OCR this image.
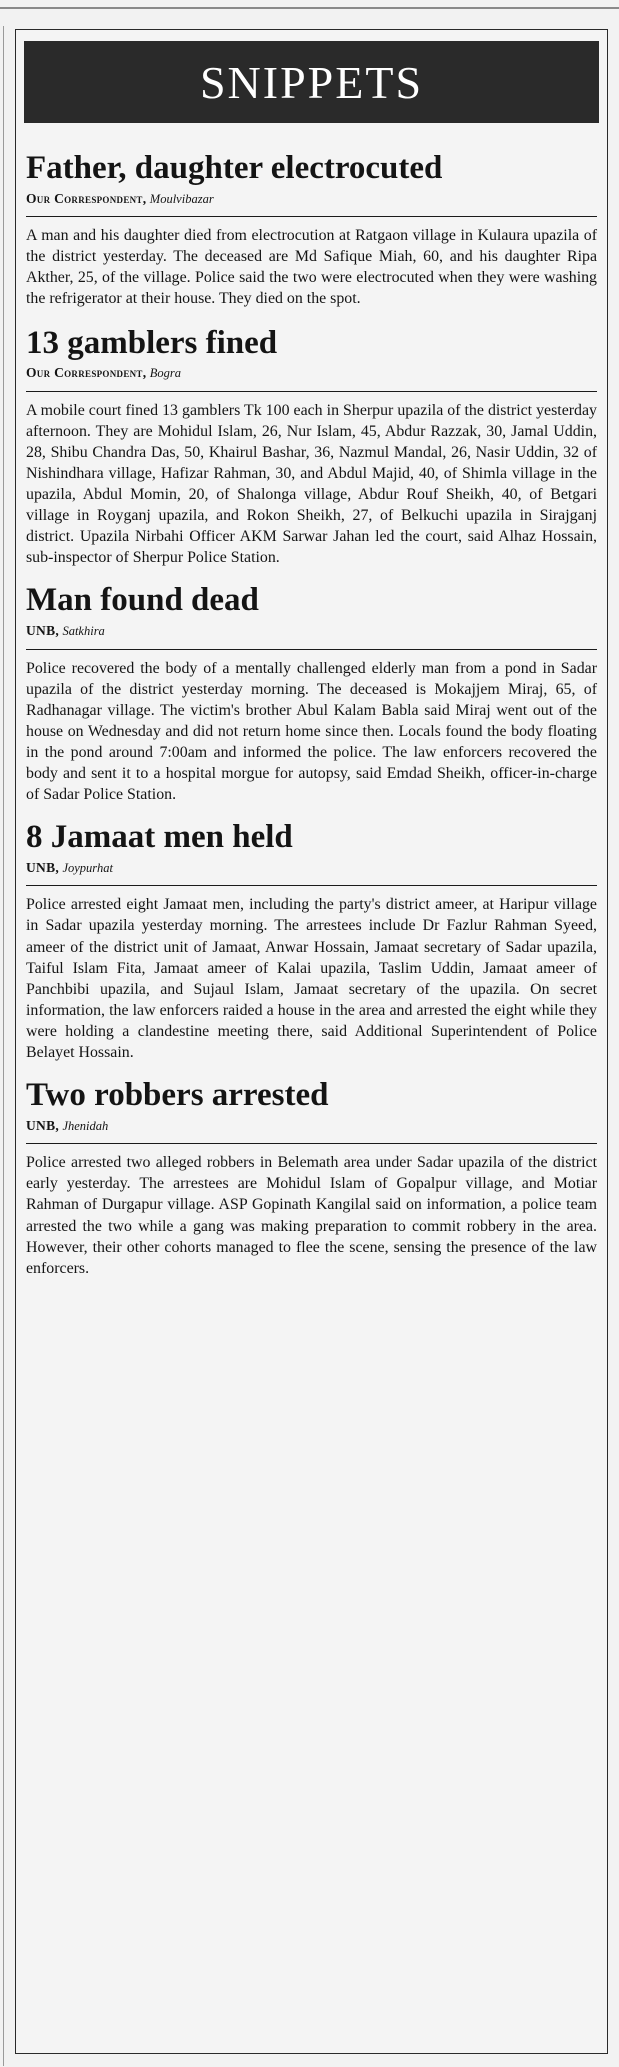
SNIPPETS
Father, daughter electrocuted
Our Correspondent, Moulvibazar

A man and his daughter died from electrocution at Ratgaon village in Kulaura upazila of the district yesterday. The deceased are Md Safique Miah, 60, and his daughter Ripa Akther, 25, of the village. Police said the two were electrocuted when they were washing the refrigerator at their house. They died on the spot.

13 gamblers fined
Our Correspondent, Bogra

A mobile court fined 13 gamblers Tk 100 each in Sherpur upazila of the district yesterday afternoon. They are Mohidul Islam, 26, Nur Islam, 45, Abdur Razzak, 30, Jamal Uddin, 28, Shibu Chandra Das, 50, Khairul Bashar, 36, Nazmul Mandal, 26, Nasir Uddin, 32 of Nishindhara village, Hafizar Rahman, 30, and Abdul Majid, 40, of Shimla village in the upazila, Abdul Momin, 20, of Shalonga village, Abdur Rouf Sheikh, 40, of Betgari village in Royganj upazila, and Rokon Sheikh, 27, of Belkuchi upazila in Sirajganj district. Upazila Nirbahi Officer AKM Sarwar Jahan led the court, said Alhaz Hossain, sub-inspector of Sherpur Police Station.

Man found dead
UNB, Satkhira

Police recovered the body of a mentally challenged elderly man from a pond in Sadar upazila of the district yesterday morning. The deceased is Mokajjem Miraj, 65, of Radhanagar village. The victim's brother Abul Kalam Babla said Miraj went out of the house on Wednesday and did not return home since then. Locals found the body floating in the pond around 7:00am and informed the police. The law enforcers recovered the body and sent it to a hospital morgue for autopsy, said Emdad Sheikh, officer-in-charge of Sadar Police Station.

8 Jamaat men held
UNB, Joypurhat

Police arrested eight Jamaat men, including the party's district ameer, at Haripur village in Sadar upazila yesterday morning. The arrestees include Dr Fazlur Rahman Syeed, ameer of the district unit of Jamaat, Anwar Hossain, Jamaat secretary of Sadar upazila, Taiful Islam Fita, Jamaat ameer of Kalai upazila, Taslim Uddin, Jamaat ameer of Panchbibi upazila, and Sujaul Islam, Jamaat secretary of the upazila. On secret information, the law enforcers raided a house in the area and arrested the eight while they were holding a clandestine meeting there, said Additional Superintendent of Police Belayet Hossain.

Two robbers arrested
UNB, Jhenidah

Police arrested two alleged robbers in Belemath area under Sadar upazila of the district early yesterday. The arrestees are Mohidul Islam of Gopalpur village, and Motiar Rahman of Durgapur village. ASP Gopinath Kangilal said on information, a police team arrested the two while a gang was making preparation to commit robbery in the area. However, their other cohorts managed to flee the scene, sensing the presence of the law enforcers.
